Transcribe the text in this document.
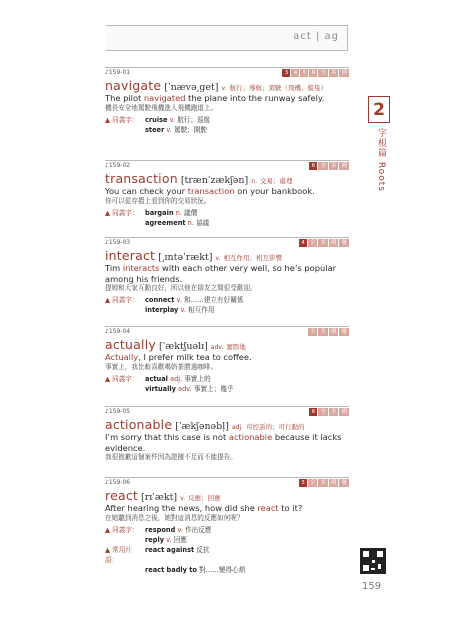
act | ag
2
字根篇 Roots
♪159-01	3	4	5	6 全 多 國
navigate [ˈnævə͵get] v. 航行；導航；駕駛（飛機、船隻）
The pilot navigated the plane into the runway safely.
機長安全地駕駛飛機進入飛機跑道上。
▲ 同義字： cruise v. 航行；巡航
steer v. 駕駛；開駛
♪159-02	6 全 多 國
transaction [trænˈzækʃən] n. 交易；處理
You can check your transaction on your bankbook.
你可以從存摺上看到你的交易狀況。
▲ 同義字： bargain n. 議價
agreement n. 協議
♪159-03	4 全 多 國 雅
interact [͵ɪntəˈrækt] v. 相互作用；相互影響
Tim interacts with each other very well, so he’s popular among his friends.
提姆和大家互動良好，所以他在朋友之間很受歡迎。
▲ 同義字： connect v. 和……建立有好關係
interplay v. 相互作用
♪159-04	全 多 國 雅
actually [ˈæktʃuəlɪ] adv. 實際地
Actually, I prefer milk tea to coffee.
事實上，我比較喜歡喝奶茶勝過咖啡。
▲ 同義字： actual adj. 事實上的
virtually adv. 事實上；幾乎
♪159-05	6 全 多 國
actionable [ˈækʃənəbl̩] adj. 可控訴的；可行動的
I’m sorry that this case is not actionable because it lacks evidence.
我很抱歉這個案件因為證據不足而不能提告。
♪159-06	3 全 多 國 雅
react [rɪˈækt] v. 反應；回應
After hearing the news, how did she react to it?
在她聽到消息之後，她對這消息的反應如何呢？
▲ 同義字： respond v. 作出反應
reply v. 回應
▲ 常用片語：
react against 反抗
react badly to 對……變得心煩
159
